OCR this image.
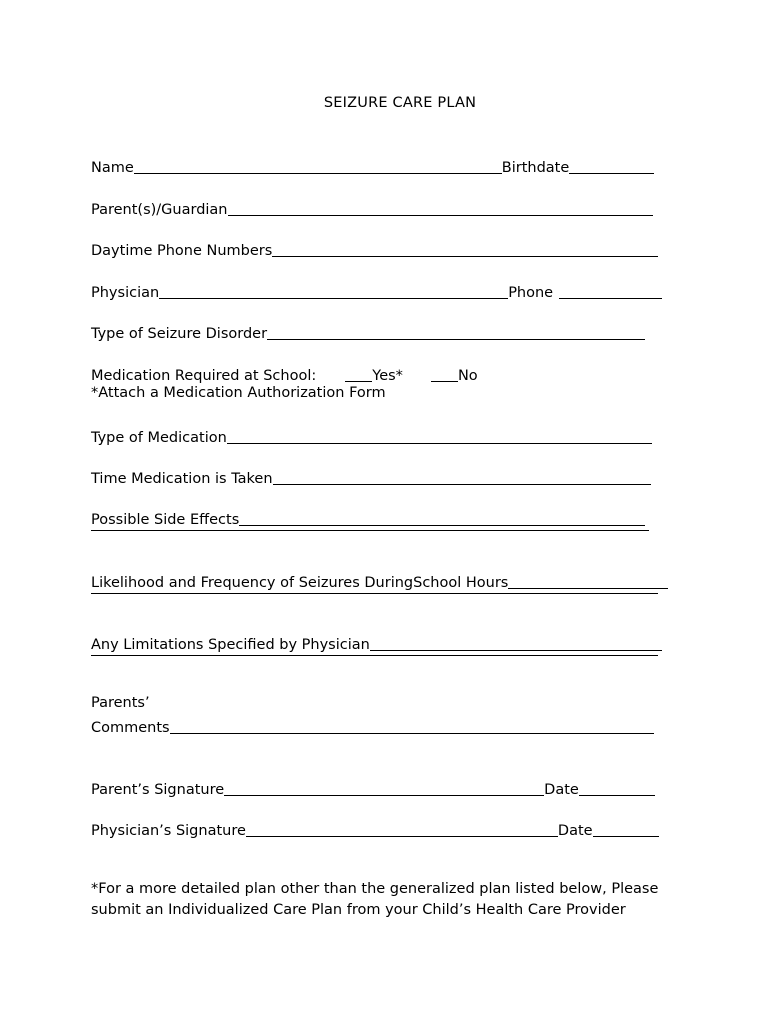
SEIZURE CARE PLAN
Name	Birthdate
Parent(s)/Guardian
Daytime Phone Numbers
Physician	Phone
Type of Seizure Disorder
Medication Required at School:	Yes*	No
*Attach a Medication Authorization Form
Type of Medication
Time Medication is Taken
Possible Side Effects
Likelihood and Frequency of Seizures DuringSchool Hours
Any Limitations Specified by Physician
Parents’
Comments
Parent’s Signature	Date
Physician’s Signature	Date
*For a more detailed plan other than the generalized plan listed below, Please
submit an Individualized Care Plan from your Child’s Health Care Provider
